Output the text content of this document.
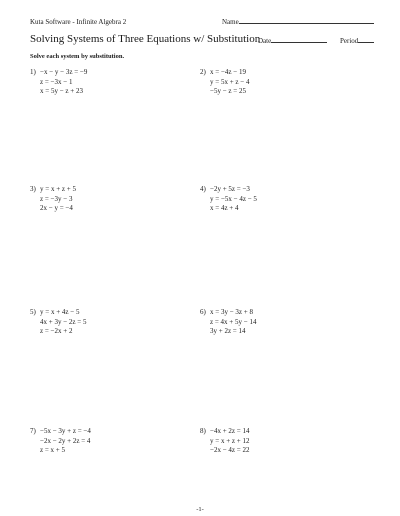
Kuta Software - Infinite Algebra 2	Name
Solving Systems of Three Equations w/ Substitution
Date	Period
Solve each system by substitution.
1) −x − y − 3z = −9
z = −3x − 1
x = 5y − z + 23
2) x = −4z − 19
y = 5x + z − 4
−5y − z = 25
3) y = x + z + 5
z = −3y − 3
2x − y = −4
4) −2y + 5z = −3
y = −5x − 4z − 5
x = 4z + 4
5) y = x + 4z − 5
4x + 3y − 2z = 5
z = −2x + 2
6) x = 3y − 3z + 8
z = 4x + 5y − 14
3y + 2z = 14
7) −5x − 3y + z = −4
−2x − 2y + 2z = 4
z = x + 5
8) −4x + 2z = 14
y = x + z + 12
−2x − 4z = 22
-1-
